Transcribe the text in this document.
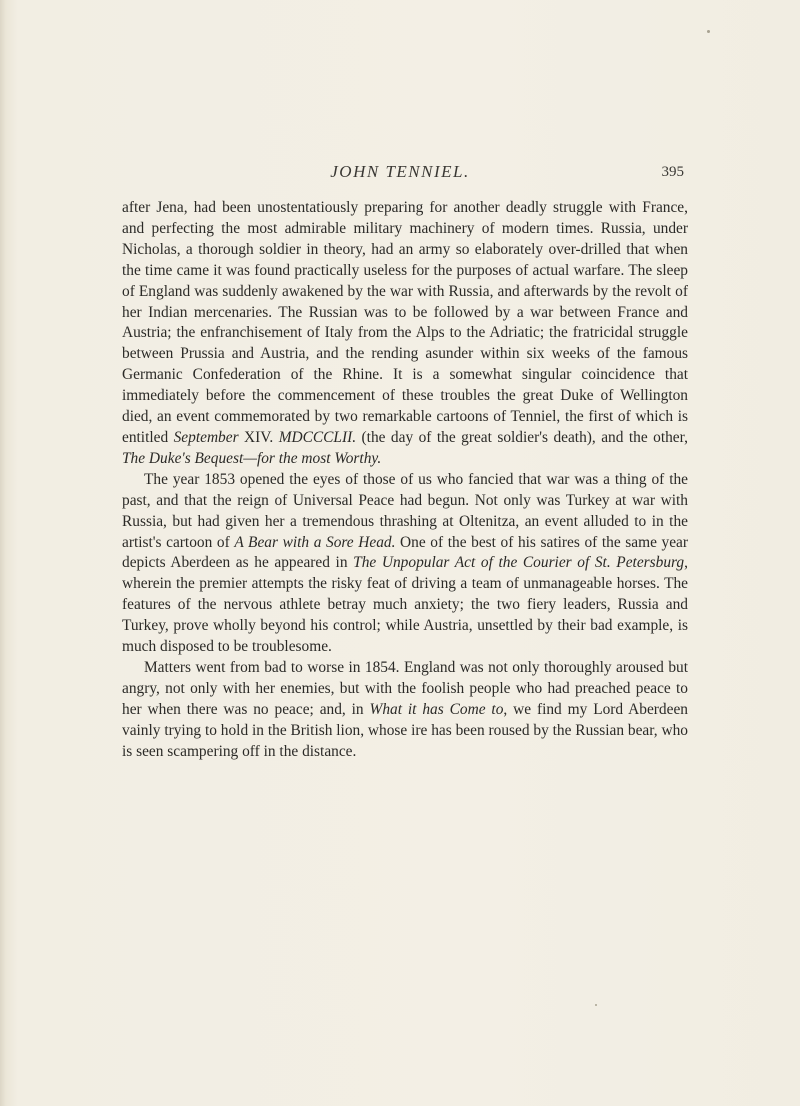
JOHN TENNIEL.	395

after Jena, had been unostentatiously preparing for another deadly struggle with France, and perfecting the most admirable military machinery of modern times. Russia, under Nicholas, a thorough soldier in theory, had an army so elaborately over-drilled that when the time came it was found practically useless for the purposes of actual warfare. The sleep of England was suddenly awakened by the war with Russia, and afterwards by the revolt of her Indian mercenaries. The Russian was to be followed by a war between France and Austria; the enfranchisement of Italy from the Alps to the Adriatic; the fratricidal struggle between Prussia and Austria, and the rending asunder within six weeks of the famous Germanic Confederation of the Rhine. It is a somewhat singular coincidence that immediately before the commencement of these troubles the great Duke of Wellington died, an event commemorated by two remarkable cartoons of Tenniel, the first of which is entitled September XIV. MDCCCLII. (the day of the great soldier's death), and the other, The Duke's Bequest—for the most Worthy.

The year 1853 opened the eyes of those of us who fancied that war was a thing of the past, and that the reign of Universal Peace had begun. Not only was Turkey at war with Russia, but had given her a tremendous thrashing at Oltenitza, an event alluded to in the artist's cartoon of A Bear with a Sore Head. One of the best of his satires of the same year depicts Aberdeen as he appeared in The Unpopular Act of the Courier of St. Petersburg, wherein the premier attempts the risky feat of driving a team of unmanageable horses. The features of the nervous athlete betray much anxiety; the two fiery leaders, Russia and Turkey, prove wholly beyond his control; while Austria, unsettled by their bad example, is much disposed to be troublesome.

Matters went from bad to worse in 1854. England was not only thoroughly aroused but angry, not only with her enemies, but with the foolish people who had preached peace to her when there was no peace; and, in What it has Come to, we find my Lord Aberdeen vainly trying to hold in the British lion, whose ire has been roused by the Russian bear, who is seen scampering off in the distance.
